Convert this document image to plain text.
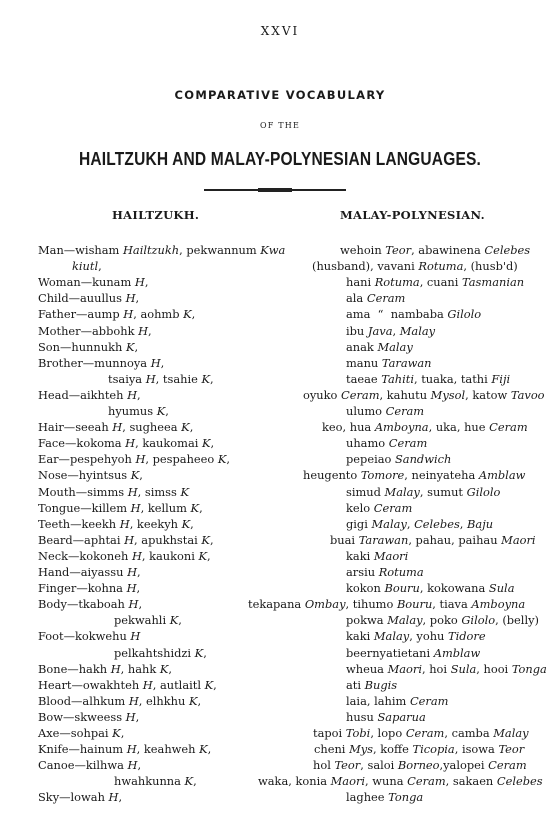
XXVI
COMPARATIVE VOCABULARY
OF THE
HAILTZUKH AND MALAY-POLYNESIAN LANGUAGES.
HAILTZUKH.	MALAY-POLYNESIAN.
Man—wisham Hailtzukh, pekwannum Kwa
kiutl,
Woman—kunam H,
Child—auullus H,
Father—aump H, aohmb K,
Mother—abbohk H,
Son—hunnukh K,
Brother—munnoya H,
tsaiya H, tsahie K,
Head—aikhteh H,
hyumus K,
Hair—seeah H, sugheea K,
Face—kokoma H, kaukomai K,
Ear—pespehyoh H, pespaheeo K,
Nose—hyintsus K,
Mouth—simms H, simss K
Tongue—killem H, kellum K,
Teeth—keekh H, keekyh K,
Beard—aphtai H, apukhstai K,
Neck—kokoneh H, kaukoni K,
Hand—aiyassu H,
Finger—kohna H,
Body—tkaboah H,
pekwahli K,
Foot—kokwehu H
pelkahtshidzi K,
Bone—hakh H, hahk K,
Heart—owakhteh H, autlaitl K,
Blood—alhkum H, elhkhu K,
Bow—skweess H,
Axe—sohpai K,
Knife—hainum H, keahweh K,
Canoe—kilhwa H,
hwahkunna K,
Sky—lowah H,
wehoin Teor, abawinena Celebes
(husband), vavani Rotuma, (husb'd)
hani Rotuma, cuani Tasmanian
ala Ceram
ama  “  nambaba Gilolo
ibu Java, Malay
anak Malay
manu Tarawan
taeae Tahiti, tuaka, tathi Fiji
oyuko Ceram, kahutu Mysol, katow Tavoo
ulumo Ceram
keo, hua Amboyna, uka, hue Ceram
uhamo Ceram
pepeiao Sandwich
heugento Tomore, neinyateha Amblaw
simud Malay, sumut Gilolo
kelo Ceram
gigi Malay, Celebes, Baju
buai Tarawan, pahau, paihau Maori
kaki Maori
arsiu Rotuma
kokon Bouru, kokowana Sula
tekapana Ombay, tihumo Bouru, tiava Amboyna
pokwa Malay, poko Gilolo, (belly)
kaki Malay, yohu Tidore
beernyatietani Amblaw
wheua Maori, hoi Sula, hooi Tonga
ati Bugis
laia, lahim Ceram
husu Saparua
tapoi Tobi, lopo Ceram, camba Malay
cheni Mys, koffe Ticopia, isowa Teor
hol Teor, saloi Borneo,yalopei Ceram
waka, konia Maori, wuna Ceram, sakaen Celebes
laghee Tonga
